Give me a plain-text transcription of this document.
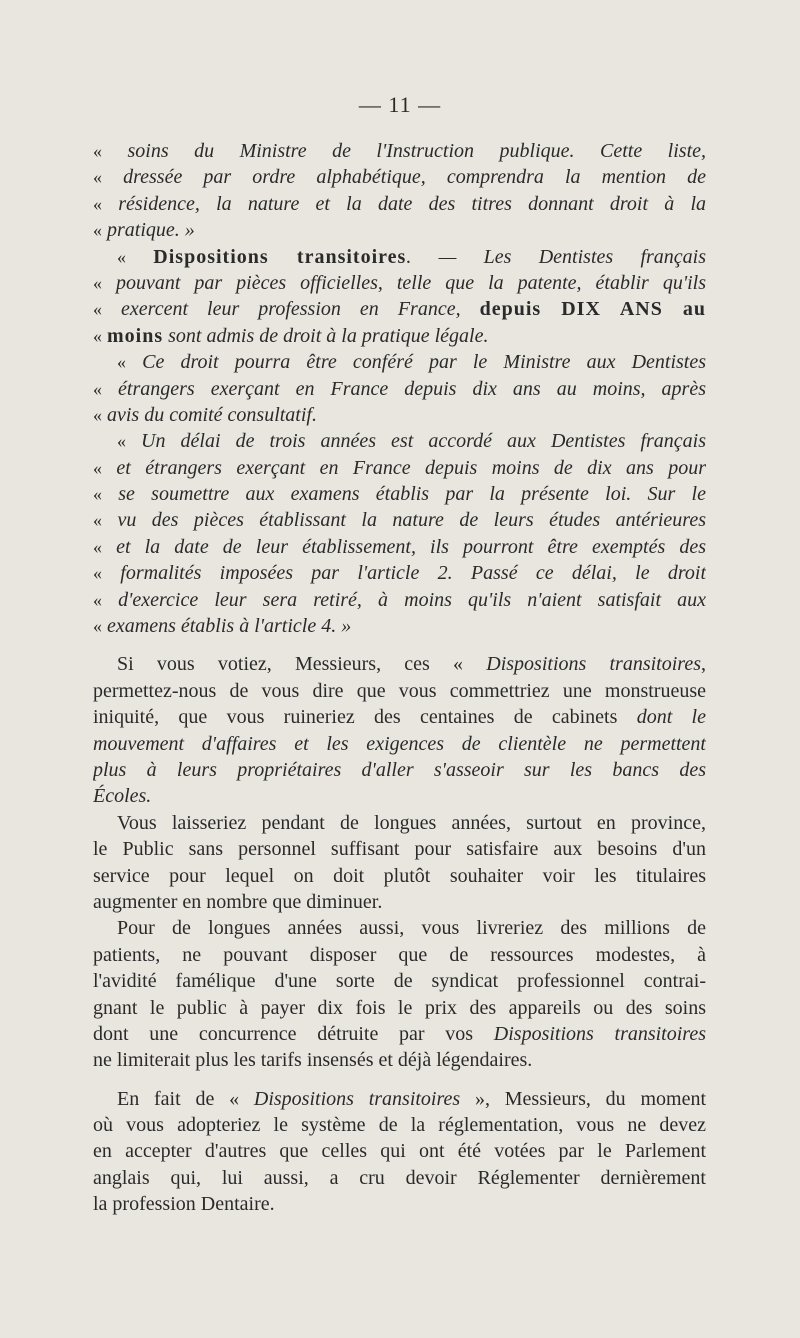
— 11 —
« soins du Ministre de l'Instruction publique. Cette liste,
« dressée par ordre alphabétique, comprendra la mention de
« résidence, la nature et la date des titres donnant droit à la
« pratique. »
« Dispositions transitoires. — Les Dentistes français
« pouvant par pièces officielles, telle que la patente, établir qu'ils
« exercent leur profession en France, depuis DIX ANS au
« moins sont admis de droit à la pratique légale.
« Ce droit pourra être conféré par le Ministre aux Dentistes
« étrangers exerçant en France depuis dix ans au moins, après
« avis du comité consultatif.
« Un délai de trois années est accordé aux Dentistes français
« et étrangers exerçant en France depuis moins de dix ans pour
« se soumettre aux examens établis par la présente loi. Sur le
« vu des pièces établissant la nature de leurs études antérieures
« et la date de leur établissement, ils pourront être exemptés des
« formalités imposées par l'article 2. Passé ce délai, le droit
« d'exercice leur sera retiré, à moins qu'ils n'aient satisfait aux
« examens établis à l'article 4. »
Si vous votiez, Messieurs, ces « Dispositions transitoires,
permettez-nous de vous dire que vous commettriez une monstrueuse
iniquité, que vous ruineriez des centaines de cabinets dont le
mouvement d'affaires et les exigences de clientèle ne permettent
plus à leurs propriétaires d'aller s'asseoir sur les bancs des
Écoles.
Vous laisseriez pendant de longues années, surtout en province,
le Public sans personnel suffisant pour satisfaire aux besoins d'un
service pour lequel on doit plutôt souhaiter voir les titulaires
augmenter en nombre que diminuer.
Pour de longues années aussi, vous livreriez des millions de
patients, ne pouvant disposer que de ressources modestes, à
l'avidité famélique d'une sorte de syndicat professionnel contrai-
gnant le public à payer dix fois le prix des appareils ou des soins
dont une concurrence détruite par vos Dispositions transitoires
ne limiterait plus les tarifs insensés et déjà légendaires.
En fait de « Dispositions transitoires », Messieurs, du moment
où vous adopteriez le système de la réglementation, vous ne devez
en accepter d'autres que celles qui ont été votées par le Parlement
anglais qui, lui aussi, a cru devoir Réglementer dernièrement
la profession Dentaire.
